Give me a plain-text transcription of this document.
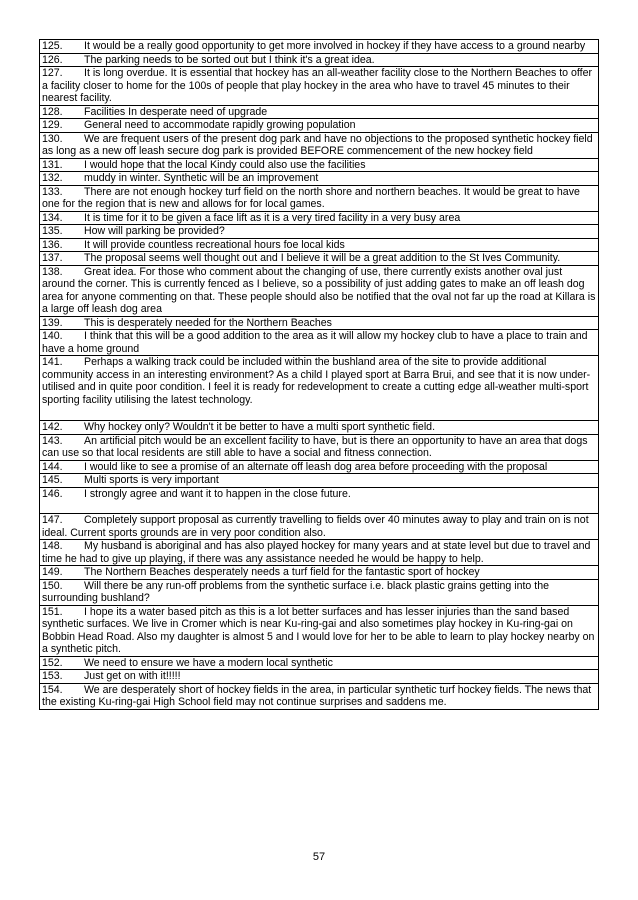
125. It would be a really good opportunity to get more involved in hockey if they have access to a ground nearby
126. The parking needs to be sorted out but I think it's a great idea.
127. It is long overdue. It is essential that hockey has an all-weather facility close to the Northern Beaches to offer a facility closer to home for the 100s of people that play hockey in the area who have to travel 45 minutes to their nearest facility.
128. Facilities In desperate need of upgrade
129. General need to accommodate rapidly growing population
130. We are frequent users of the present dog park and have no objections to the proposed synthetic hockey field as long as a new off leash secure dog park is provided BEFORE commencement of the new hockey field
131. I would hope that the local Kindy could also use the facilities
132. muddy in winter. Synthetic will be an improvement
133. There are not enough hockey turf field on the north shore and northern beaches. It would be great to have one for the region that is new and allows for for local games.
134. It is time for it to be given a face lift as it is a very tired facility in a very busy area
135. How will parking be provided?
136. It will provide countless recreational hours foe local kids
137. The proposal seems well thought out and I believe it will be a great addition to the St Ives Community.
138. Great idea. For those who comment about the changing of use, there currently exists another oval just around the corner. This is currently fenced as I believe, so a possibility of just adding gates to make an off leash dog area for anyone commenting on that. These people should also be notified that the oval not far up the road at Killara is a large off leash dog area
139. This is desperately needed for the Northern Beaches
140. I think that this will be a good addition to the area as it will allow my hockey club to have a place to train and have a home ground
141. Perhaps a walking track could be included within the bushland area of the site to provide additional community access in an interesting environment? As a child I played sport at Barra Brui, and see that it is now under-utilised and in quite poor condition. I feel it is ready for redevelopment to create a cutting edge all-weather multi-sport sporting facility utilising the latest technology.
142. Why hockey only? Wouldn't it be better to have a multi sport synthetic field.
143. An artificial pitch would be an excellent facility to have, but is there an opportunity to have an area that dogs can use so that local residents are still able to have a social and fitness connection.
144. I would like to see a promise of an alternate off leash dog area before proceeding with the proposal
145. Multi sports is very important
146. I strongly agree and want it to happen in the close future.
147. Completely support proposal as currently travelling to fields over 40 minutes away to play and train on is not ideal. Current sports grounds are in very poor condition also.
148. My husband is aboriginal and has also played hockey for many years and at state level but due to travel and time he had to give up playing, if there was any assistance needed he would be happy to help.
149. The Northern Beaches desperately needs a turf field for the fantastic sport of hockey
150. Will there be any run-off problems from the synthetic surface i.e. black plastic grains getting into the surrounding bushland?
151. I hope its a water based pitch as this is a lot better surfaces and has lesser injuries than the sand based synthetic surfaces. We live in Cromer which is near Ku-ring-gai and also sometimes play hockey in Ku-ring-gai on Bobbin Head Road. Also my daughter is almost 5 and I would love for her to be able to learn to play hockey nearby on a synthetic pitch.
152. We need to ensure we have a modern local synthetic
153. Just get on with it!!!!!
154. We are desperately short of hockey fields in the area, in particular synthetic turf hockey fields. The news that the existing Ku-ring-gai High School field may not continue surprises and saddens me.
57
